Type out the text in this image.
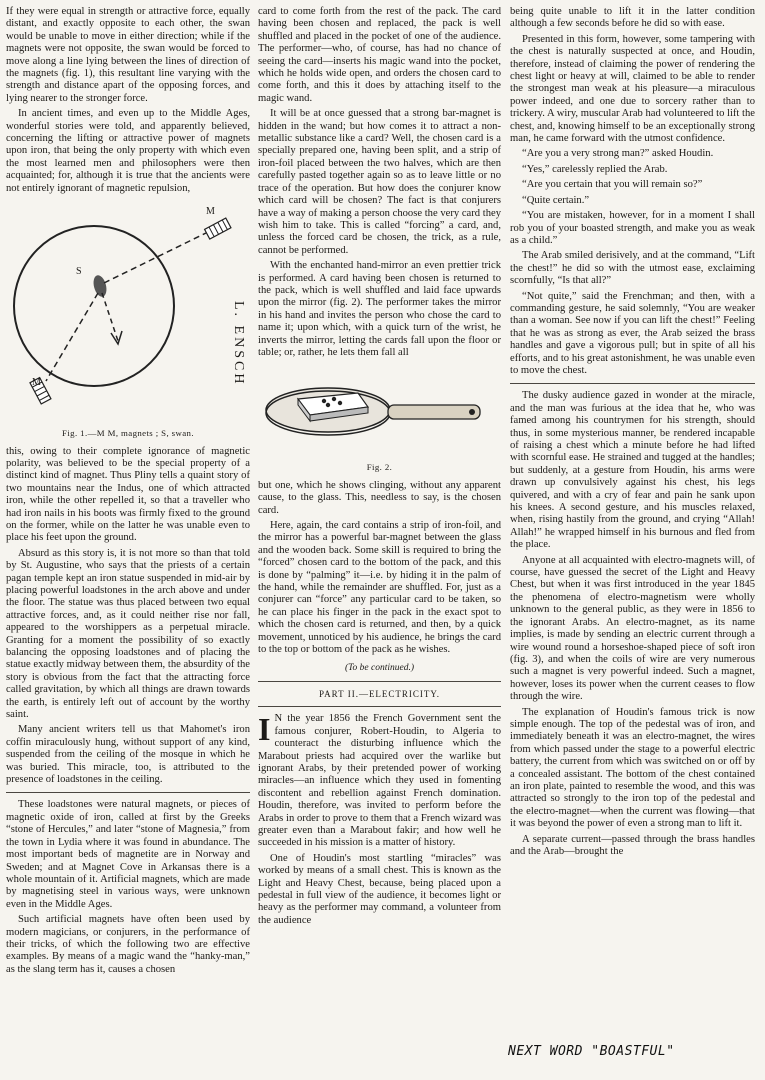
If they were equal in strength or attractive force, equally distant, and exactly opposite to each other, the swan would be unable to move in either direction; while if the magnets were not opposite, the swan would be forced to move along a line lying between the lines of direction of the magnets (fig. 1), this resultant line varying with the strength and distance apart of the opposing forces, and lying nearer to the stronger force.

In ancient times, and even up to the Middle Ages, wonderful stories were told, and apparently believed, concerning the lifting or attractive power of magnets upon iron, that being the only property with which even the most learned men and philosophers were then acquainted; for, although it is true that the ancients were not entirely ignorant of magnetic repulsion,

M
S
M	L. ENSCH
Fig. 1.—M M, magnets ; S, swan.

this, owing to their complete ignorance of magnetic polarity, was believed to be the special property of a distinct kind of magnet. Thus Pliny tells a quaint story of two mountains near the Indus, one of which attracted iron, while the other repelled it, so that a traveller who had iron nails in his boots was firmly fixed to the ground on the former, while on the latter he was unable even to place his feet upon the ground.

Absurd as this story is, it is not more so than that told by St. Augustine, who says that the priests of a certain pagan temple kept an iron statue suspended in mid-air by placing powerful loadstones in the arch above and under the floor. The statue was thus placed between two equal attractive forces, and, as it could neither rise nor fall, appeared to the worshippers as a perpetual miracle. Granting for a moment the possibility of so exactly balancing the opposing loadstones and of placing the statue exactly midway between them, the absurdity of the story is obvious from the fact that the attracting force called gravitation, by which all things are drawn towards the earth, is entirely left out of account by the worthy saint.

Many ancient writers tell us that Mahomet's iron coffin miraculously hung, without support of any kind, suspended from the ceiling of the mosque in which he was buried. This miracle, too, is attributed to the presence of loadstones in the ceiling.

These loadstones were natural magnets, or pieces of magnetic oxide of iron, called at first by the Greeks “stone of Hercules,” and later “stone of Magnesia,” from the town in Lydia where it was found in abundance. The most important beds of magnetite are in Norway and Sweden; and at Magnet Cove in Arkansas there is a whole mountain of it. Artificial magnets, which are made by magnetising steel in various ways, were unknown even in the Middle Ages.

Such artificial magnets have often been used by modern magicians, or conjurers, in the performance of their tricks, of which the following two are effective examples. By means of a magic wand the “hanky-man,” as the slang term has it, causes a chosen

card to come forth from the rest of the pack. The card having been chosen and replaced, the pack is well shuffled and placed in the pocket of one of the audience. The performer—who, of course, has had no chance of seeing the card—inserts his magic wand into the pocket, which he holds wide open, and orders the chosen card to come forth, and this it does by attaching itself to the magic wand.

It will be at once guessed that a strong bar-magnet is hidden in the wand; but how comes it to attract a non-metallic substance like a card? Well, the chosen card is a specially prepared one, having been split, and a strip of iron-foil placed between the two halves, which are then carefully pasted together again so as to leave little or no trace of the operation. But how does the conjurer know which card will be chosen? The fact is that conjurers have a way of making a person choose the very card they wish him to take. This is called “forcing” a card, and, unless the forced card be chosen, the trick, as a rule, cannot be performed.

With the enchanted hand-mirror an even prettier trick is performed. A card having been chosen is returned to the pack, which is well shuffled and laid face upwards upon the mirror (fig. 2). The performer takes the mirror in his hand and invites the person who chose the card to name it; upon which, with a quick turn of the wrist, he inverts the mirror, letting the cards fall upon the floor or table; or, rather, he lets them fall all

Fig. 2.

but one, which he shows clinging, without any apparent cause, to the glass. This, needless to say, is the chosen card.

Here, again, the card contains a strip of iron-foil, and the mirror has a powerful bar-magnet between the glass and the wooden back. Some skill is required to bring the “forced” chosen card to the bottom of the pack, and this is done by “palming” it—i.e. by hiding it in the palm of the hand, while the remainder are shuffled. For, just as a conjurer can “force” any particular card to be taken, so he can place his finger in the pack in the exact spot to which the chosen card is returned, and then, by a quick movement, unnoticed by his audience, he brings the card to the top or bottom of the pack as he wishes.

(To be continued.)
PART II.—ELECTRICITY.

I N the year 1856 the French Government sent the famous conjurer, Robert-Houdin, to Algeria to counteract the disturbing influence which the Marabout priests had acquired over the warlike but ignorant Arabs, by their pretended power of working miracles—an influence which they used in fomenting discontent and rebellion against French domination. Houdin, therefore, was invited to perform before the Arabs in order to prove to them that a French wizard was greater even than a Marabout fakir; and how well he succeeded in his mission is a matter of history.

One of Houdin's most startling “miracles” was worked by means of a small chest. This is known as the Light and Heavy Chest, because, being placed upon a pedestal in full view of the audience, it becomes light or heavy as the performer may command, a volunteer from the audience

being quite unable to lift it in the latter condition although a few seconds before he did so with ease.

Presented in this form, however, some tampering with the chest is naturally suspected at once, and Houdin, therefore, instead of claiming the power of rendering the chest light or heavy at will, claimed to be able to render the strongest man weak at his pleasure—a miraculous power indeed, and one due to sorcery rather than to trickery. A wiry, muscular Arab had volunteered to lift the chest, and, knowing himself to be an exceptionally strong man, he came forward with the utmost confidence.

“Are you a very strong man?” asked Houdin.

“Yes,” carelessly replied the Arab.

“Are you certain that you will remain so?”

“Quite certain.”

“You are mistaken, however, for in a moment I shall rob you of your boasted strength, and make you as weak as a child.”

The Arab smiled derisively, and at the command, “Lift the chest!” he did so with the utmost ease, exclaiming scornfully, “Is that all?”

“Not quite,” said the Frenchman; and then, with a commanding gesture, he said solemnly, “You are weaker than a woman. See now if you can lift the chest!” Feeling that he was as strong as ever, the Arab seized the brass handles and gave a vigorous pull; but in spite of all his efforts, and to his great astonishment, he was unable even to move the chest.

The dusky audience gazed in wonder at the miracle, and the man was furious at the idea that he, who was famed among his countrymen for his strength, should thus, in some mysterious manner, be rendered incapable of raising a chest which a minute before he had lifted with scornful ease. He strained and tugged at the handles; but suddenly, at a gesture from Houdin, his arms were drawn up convulsively against his chest, his legs quivered, and with a cry of fear and pain he sank upon his knees. A second gesture, and his muscles relaxed, when, rising hastily from the ground, and crying “Allah! Allah!” he wrapped himself in his burnous and fled from the place.

Anyone at all acquainted with electro-magnets will, of course, have guessed the secret of the Light and Heavy Chest, but when it was first introduced in the year 1845 the phenomena of electro-magnetism were wholly unknown to the general public, as they were in 1856 to the ignorant Arabs. An electro-magnet, as its name implies, is made by sending an electric current through a wire wound round a horseshoe-shaped piece of soft iron (fig. 3), and when the coils of wire are very numerous such a magnet is very powerful indeed. Such a magnet, however, loses its power when the current ceases to flow through the wire.

The explanation of Houdin's famous trick is now simple enough. The top of the pedestal was of iron, and immediately beneath it was an electro-magnet, the wires from which passed under the stage to a powerful electric battery, the current from which was switched on or off by a concealed assistant. The bottom of the chest contained an iron plate, painted to resemble the wood, and this was attracted so strongly to the iron top of the pedestal and the electro-magnet—when the current was flowing—that it was beyond the power of even a strong man to lift it.

A separate current—passed through the brass handles and the Arab—brought the

NEXT WORD "BOASTFUL"
